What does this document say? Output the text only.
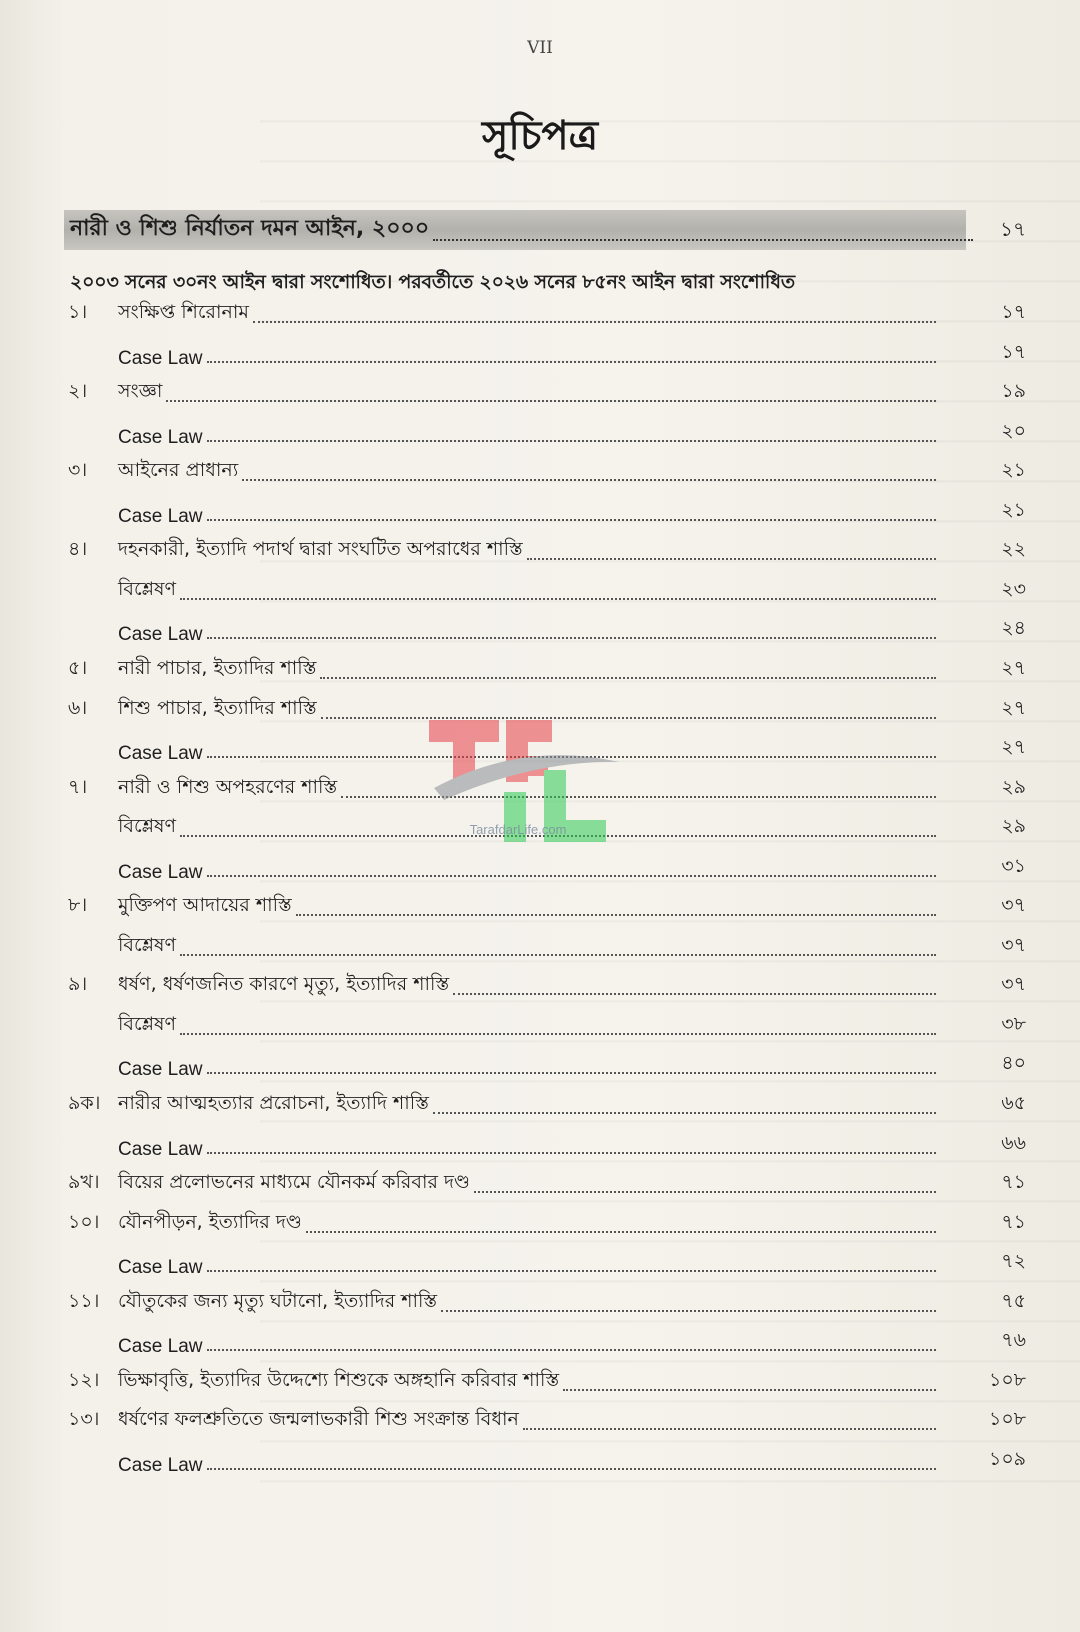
VII
সূচিপত্র
নারী ও শিশু নির্যাতন দমন আইন, ২০০০	১৭
২০০৩ সনের ৩০নং আইন দ্বারা সংশোধিত। পরবর্তীতে ২০২৬ সনের ৮৫নং আইন দ্বারা সংশোধিত
১।	সংক্ষিপ্ত শিরোনাম	১৭
Case Law	১৭
২।	সংজ্ঞা	১৯
Case Law	২০
৩।	আইনের প্রাধান্য	২১
Case Law	২১
৪।	দহনকারী, ইত্যাদি পদার্থ দ্বারা সংঘটিত অপরাধের শাস্তি	২২
বিশ্লেষণ	২৩
Case Law	২৪
৫।	নারী পাচার, ইত্যাদির শাস্তি	২৭
৬।	শিশু পাচার, ইত্যাদির শাস্তি	২৭
Case Law	২৭
৭।	নারী ও শিশু অপহরণের শাস্তি	২৯
বিশ্লেষণ	২৯
Case Law	৩১
৮।	মুক্তিপণ আদায়ের শাস্তি	৩৭
বিশ্লেষণ	৩৭
৯।	ধর্ষণ, ধর্ষণজনিত কারণে মৃত্যু, ইত্যাদির শাস্তি	৩৭
বিশ্লেষণ	৩৮
Case Law	৪০
৯ক। নারীর আত্মহত্যার প্ররোচনা, ইত্যাদি শাস্তি	৬৫
Case Law	৬৬
৯খ। বিয়ের প্রলোভনের মাধ্যমে যৌনকর্ম করিবার দণ্ড	৭১
১০। যৌনপীড়ন, ইত্যাদির দণ্ড	৭১
Case Law	৭২
১১। যৌতুকের জন্য মৃত্যু ঘটানো, ইত্যাদির শাস্তি	৭৫
Case Law	৭৬
১২। ভিক্ষাবৃত্তি, ইত্যাদির উদ্দেশ্যে শিশুকে অঙ্গহানি করিবার শাস্তি	১০৮
১৩। ধর্ষণের ফলশ্রুতিতে জন্মলাভকারী শিশু সংক্রান্ত বিধান	১০৮
Case Law	১০৯
TarafdarLife.com
